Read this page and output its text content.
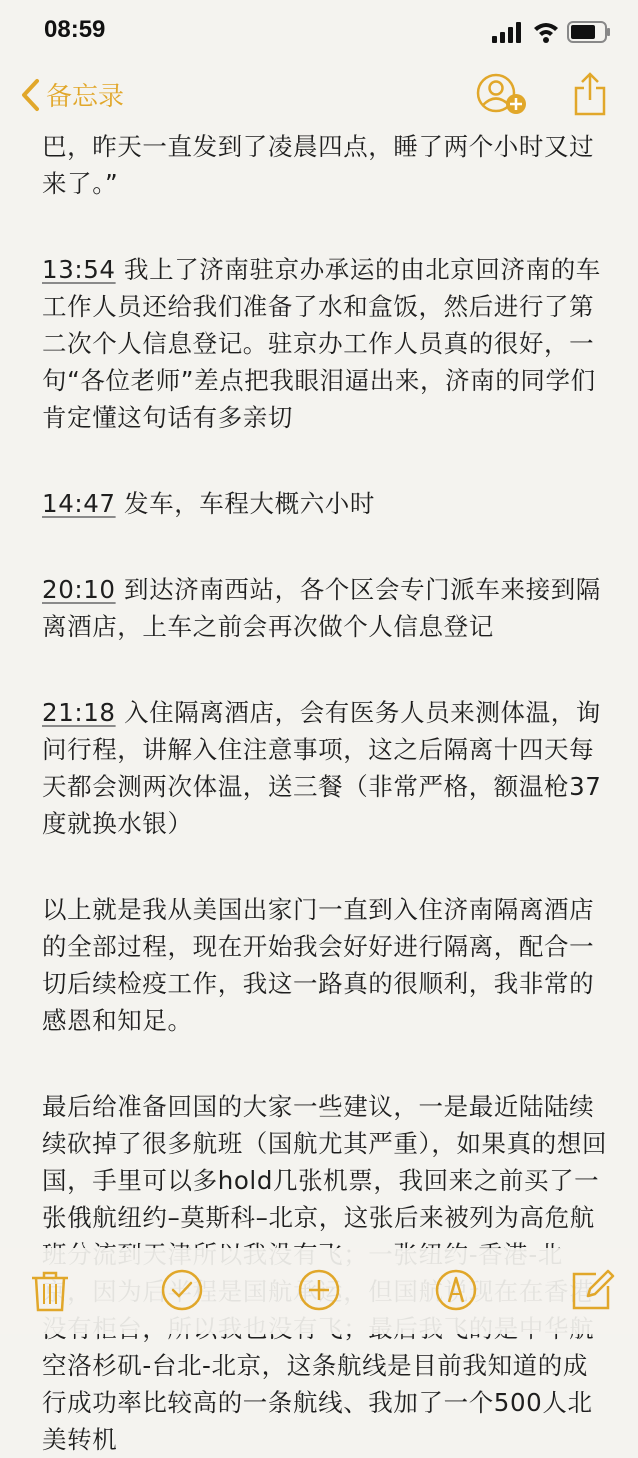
08:59
备忘录

巴，昨天一直发到了凌晨四点，睡了两个小时又过来了。”

13:54 我上了济南驻京办承运的由北京回济南的车工作人员还给我们准备了水和盒饭，然后进行了第二次个人信息登记。驻京办工作人员真的很好，一句“各位老师”差点把我眼泪逼出来，济南的同学们肯定懂这句话有多亲切

14:47 发车，车程大概六小时

20:10 到达济南西站，各个区会专门派车来接到隔离酒店，上车之前会再次做个人信息登记

21:18 入住隔离酒店，会有医务人员来测体温，询问行程，讲解入住注意事项，这之后隔离十四天每天都会测两次体温，送三餐（非常严格，额温枪37度就换水银）

以上就是我从美国出家门一直到入住济南隔离酒店的全部过程，现在开始我会好好进行隔离，配合一切后续检疫工作，我这一路真的很顺利，我非常的感恩和知足。

最后给准备回国的大家一些建议，一是最近陆陆续续砍掉了很多航班（国航尤其严重），如果真的想回国，手里可以多hold几张机票，我回来之前买了一张俄航纽约–莫斯科–北京，这张后来被列为高危航 空洛杉矶-台北-北京，这条航线是目前我知道的成行成功率比较高的一条航线、我加了一个500人北美转机
